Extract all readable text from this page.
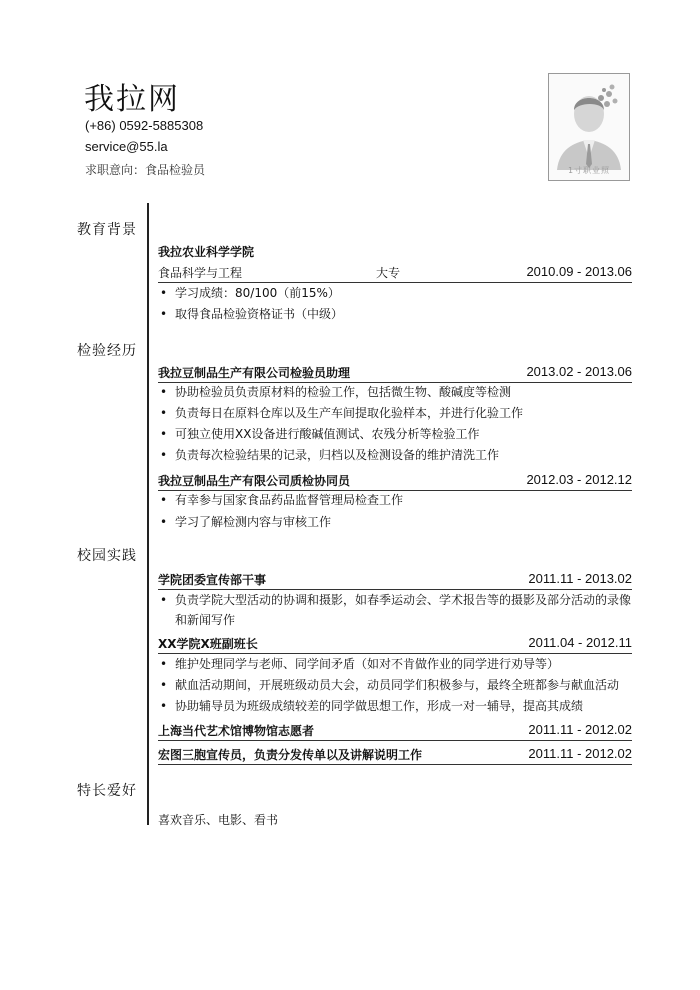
我拉网
(+86) 0592-5885308
service@55.la
求职意向：食品检验员	1寸职业照
教育背景
检验经历
校园实践
特长爱好
我拉农业科学学院
食品科学与工程	大专	2010.09 - 2013.06
• 学习成绩：80/100（前15%）
• 取得食品检验资格证书（中级）
我拉豆制品生产有限公司检验员助理	2013.02 - 2013.06
• 协助检验员负责原材料的检验工作，包括微生物、酸碱度等检测
• 负责每日在原料仓库以及生产车间提取化验样本，并进行化验工作
• 可独立使用XX设备进行酸碱值测试、农残分析等检验工作
• 负责每次检验结果的记录，归档以及检测设备的维护清洗工作
我拉豆制品生产有限公司质检协同员	2012.03 - 2012.12
• 有幸参与国家食品药品监督管理局检查工作
• 学习了解检测内容与审核工作
学院团委宣传部干事	2011.11 - 2013.02
• 负责学院大型活动的协调和摄影，如春季运动会、学术报告等的摄影及部分活动的录像和新闻写作
XX学院X班副班长	2011.04 - 2012.11
• 维护处理同学与老师、同学间矛盾（如对不肯做作业的同学进行劝导等）
• 献血活动期间，开展班级动员大会，动员同学们积极参与，最终全班都参与献血活动
• 协助辅导员为班级成绩较差的同学做思想工作，形成一对一辅导，提高其成绩
上海当代艺术馆博物馆志愿者	2011.11 - 2012.02
宏图三胞宣传员，负责分发传单以及讲解说明工作	2011.11 - 2012.02
喜欢音乐、电影、看书
